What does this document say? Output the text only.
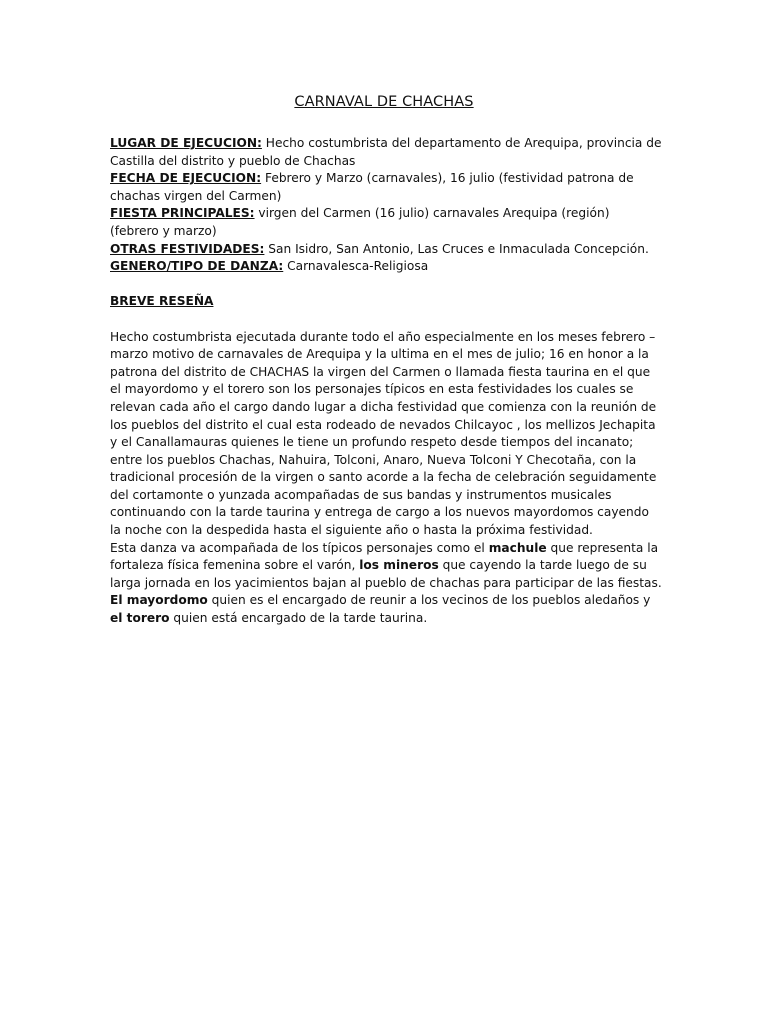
CARNAVAL DE CHACHAS

LUGAR DE EJECUCION: Hecho costumbrista del departamento de Arequipa, provincia de Castilla del distrito y pueblo de Chachas

FECHA DE EJECUCION: Febrero y Marzo (carnavales), 16 julio (festividad patrona de chachas virgen del Carmen)

FIESTA PRINCIPALES: virgen del Carmen (16 julio) carnavales Arequipa (región) (febrero y marzo)

OTRAS FESTIVIDADES: San Isidro, San Antonio, Las Cruces e Inmaculada Concepción.

GENERO/TIPO DE DANZA: Carnavalesca-Religiosa

BREVE RESEÑA

Hecho costumbrista ejecutada durante todo el año especialmente en los meses febrero –marzo motivo de carnavales de Arequipa y la ultima en el mes de julio; 16 en honor a la patrona del distrito de CHACHAS la virgen del Carmen o llamada fiesta taurina en el que el mayordomo y el torero son los personajes típicos en esta festividades los cuales se relevan cada año el cargo dando lugar a dicha festividad que comienza con la reunión de los pueblos del distrito el cual esta rodeado de nevados Chilcayoc , los mellizos Jechapita y el Canallamauras quienes le tiene un profundo respeto desde tiempos del incanato; entre los pueblos Chachas, Nahuira, Tolconi, Anaro, Nueva Tolconi Y Checotaña, con la tradicional procesión de la virgen o santo acorde a la fecha de celebración seguidamente del cortamonte o yunzada acompañadas de sus bandas y instrumentos musicales continuando con la tarde taurina y entrega de cargo a los nuevos mayordomos cayendo la noche con la despedida hasta el siguiente año o hasta la próxima festividad.

Esta danza va acompañada de los típicos personajes como el machule que representa la fortaleza física femenina sobre el varón, los mineros que cayendo la tarde luego de su larga jornada en los yacimientos bajan al pueblo de chachas para participar de las fiestas. El mayordomo quien es el encargado de reunir a los vecinos de los pueblos aledaños y el torero quien está encargado de la tarde taurina.
